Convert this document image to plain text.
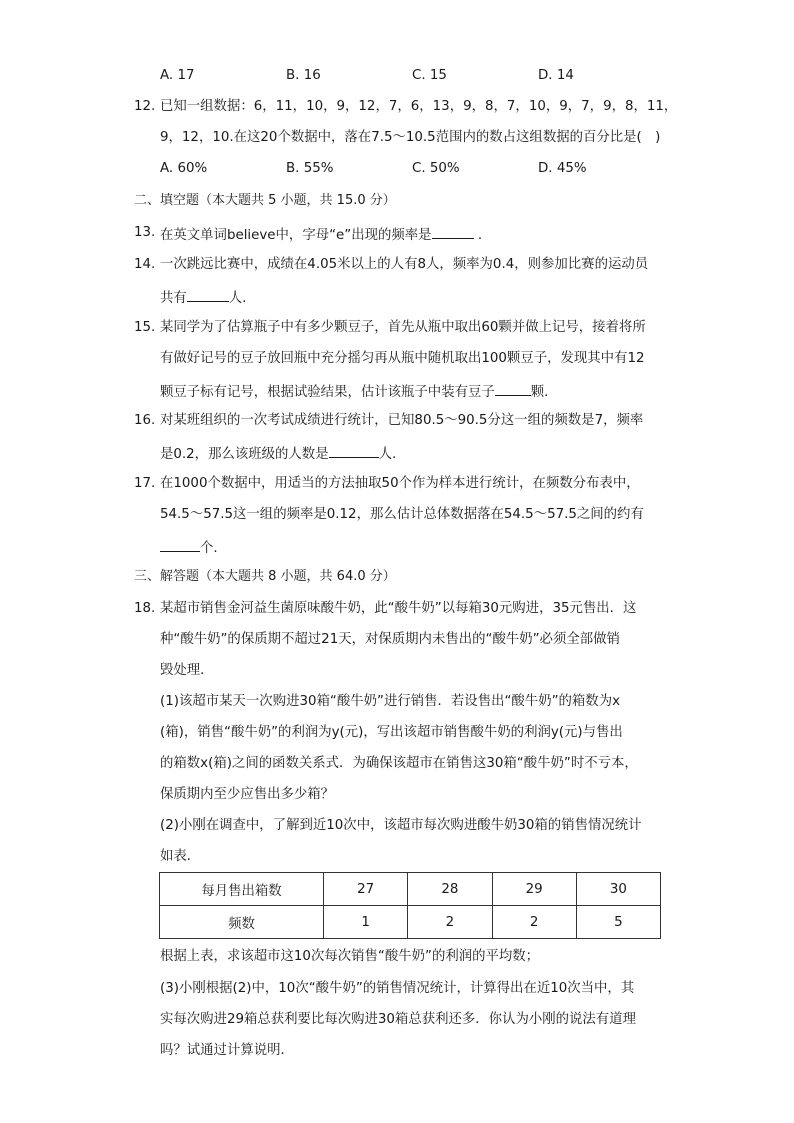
A. 17	B. 16	C. 15	D. 14
12. 已知一组数据：6，11，10，9，12，7，6，13，9，8，7，10，9，7，9，8，11，
9，12，10.在这20个数据中，落在7.5～10.5范围内的数占这组数据的百分比是(　)
A. 60%	B. 55%	C. 50%	D. 45%
二、填空题（本大题共 5 小题，共 15.0 分）
13. 在英文单词believe中，字母“e”出现的频率是	.
14. 一次跳远比赛中，成绩在4.05米以上的人有8人，频率为0.4，则参加比赛的运动员
共有	人.
15. 某同学为了估算瓶子中有多少颗豆子，首先从瓶中取出60颗并做上记号，接着将所
有做好记号的豆子放回瓶中充分摇匀再从瓶中随机取出100颗豆子，发现其中有12
颗豆子标有记号，根据试验结果，估计该瓶子中装有豆子	颗.
16. 对某班组织的一次考试成绩进行统计，已知80.5～90.5分这一组的频数是7，频率
是0.2，那么该班级的人数是	人.
17. 在1000个数据中，用适当的方法抽取50个作为样本进行统计，在频数分布表中，
54.5～57.5这一组的频率是0.12，那么估计总体数据落在54.5～57.5之间的约有
个.
三、解答题（本大题共 8 小题，共 64.0 分）
18. 某超市销售金河益生菌原味酸牛奶，此“酸牛奶”以每箱30元购进，35元售出．这
种“酸牛奶”的保质期不超过21天，对保质期内未售出的“酸牛奶”必须全部做销
毁处理．
(1)该超市某天一次购进30箱“酸牛奶”进行销售．若设售出“酸牛奶”的箱数为x
(箱)，销售“酸牛奶”的利润为y(元)，写出该超市销售酸牛奶的利润y(元)与售出
的箱数x(箱)之间的函数关系式．为确保该超市在销售这30箱“酸牛奶”时不亏本，
保质期内至少应售出多少箱？
(2)小刚在调查中，了解到近10次中，该超市每次购进酸牛奶30箱的销售情况统计
如表．
每月售出箱数	27	28	29	30
频数	1	2	2	5
根据上表，求该超市这10次每次销售“酸牛奶”的利润的平均数；
(3)小刚根据(2)中，10次“酸牛奶”的销售情况统计，计算得出在近10次当中，其
实每次购进29箱总获利要比每次购进30箱总获利还多．你认为小刚的说法有道理
吗？试通过计算说明．
